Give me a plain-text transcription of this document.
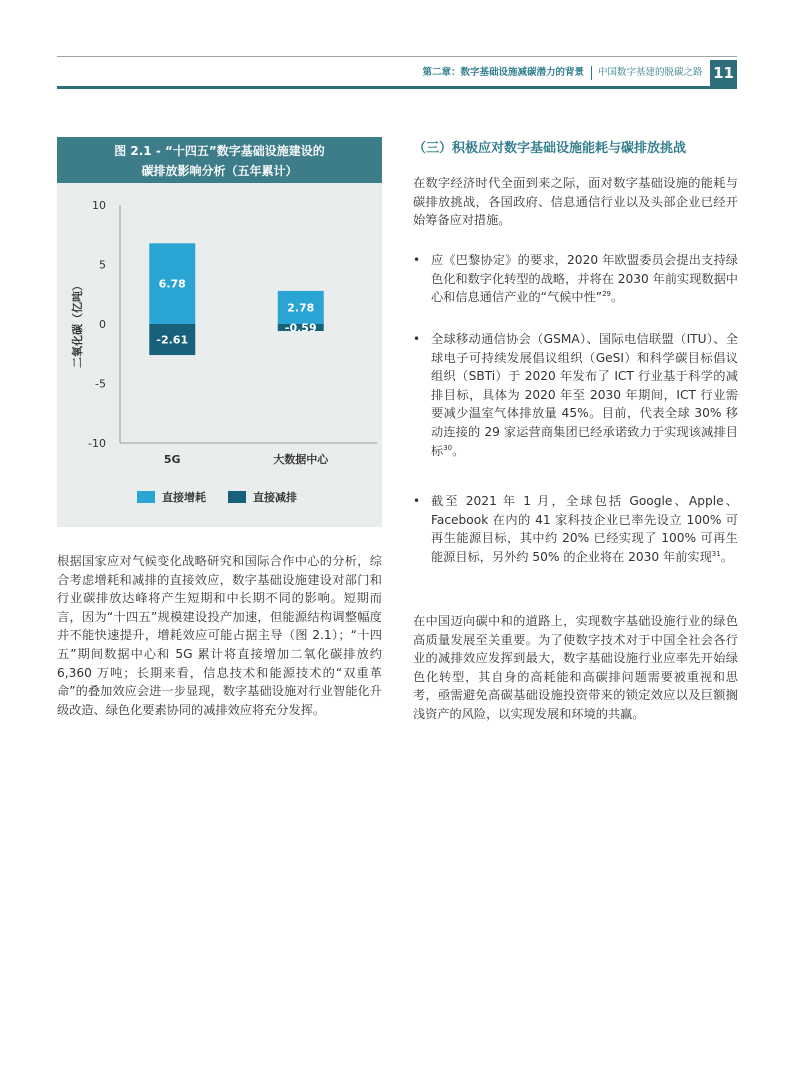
第二章：数字基础设施减碳潜力的背景 中国数字基建的脱碳之路 11
图 2.1 - “十四五”数字基础设施建设的
碳排放影响分析（五年累计）
10
5
0
-5
-10
二氧化碳（亿吨）	6.78
-2.61
5G
2.78
-0.59
大数据中心
直接增耗	直接减排

根据国家应对气候变化战略研究和国际合作中心的分析，综合考虑增耗和减排的直接效应，数字基础设施建设对部门和行业碳排放达峰将产生短期和中长期不同的影响。短期而言，因为“十四五”规模建设投产加速，但能源结构调整幅度并不能快速提升，增耗效应可能占据主导（图 2.1）；“十四五”期间数据中心和 5G 累计将直接增加二氧化碳排放约 6,360 万吨；长期来看，信息技术和能源技术的“双重革命”的叠加效应会进一步显现，数字基础设施对行业智能化升级改造、绿色化要素协同的减排效应将充分发挥。

（三）积极应对数字基础设施能耗与碳排放挑战

在数字经济时代全面到来之际，面对数字基础设施的能耗与碳排放挑战，各国政府、信息通信行业以及头部企业已经开始筹备应对措施。

• 应《巴黎协定》的要求，2020 年欧盟委员会提出支持绿色化和数字化转型的战略，并将在 2030 年前实现数据中心和信息通信产业的“气候中性”$^{29}$。

• 全球移动通信协会（GSMA）、国际电信联盟（ITU）、全球电子可持续发展倡议组织（GeSI）和科学碳目标倡议组织（SBTi）于 2020 年发布了 ICT 行业基于科学的减排目标，具体为 2020 年至 2030 年期间，ICT 行业需要减少温室气体排放量 45%。目前，代表全球 30% 移动连接的 29 家运营商集团已经承诺致力于实现该减排目标$^{30}$。

• 截至 2021 年 1 月，全球包括 Google、Apple、Facebook 在内的 41 家科技企业已率先设立 100% 可再生能源目标，其中约 20% 已经实现了 100% 可再生能源目标，另外约 50% 的企业将在 2030 年前实现$^{31}$。

在中国迈向碳中和的道路上，实现数字基础设施行业的绿色高质量发展至关重要。为了使数字技术对于中国全社会各行业的减排效应发挥到最大，数字基础设施行业应率先开始绿色化转型，其自身的高耗能和高碳排问题需要被重视和思考，亟需避免高碳基础设施投资带来的锁定效应以及巨额搁浅资产的风险，以实现发展和环境的共赢。
